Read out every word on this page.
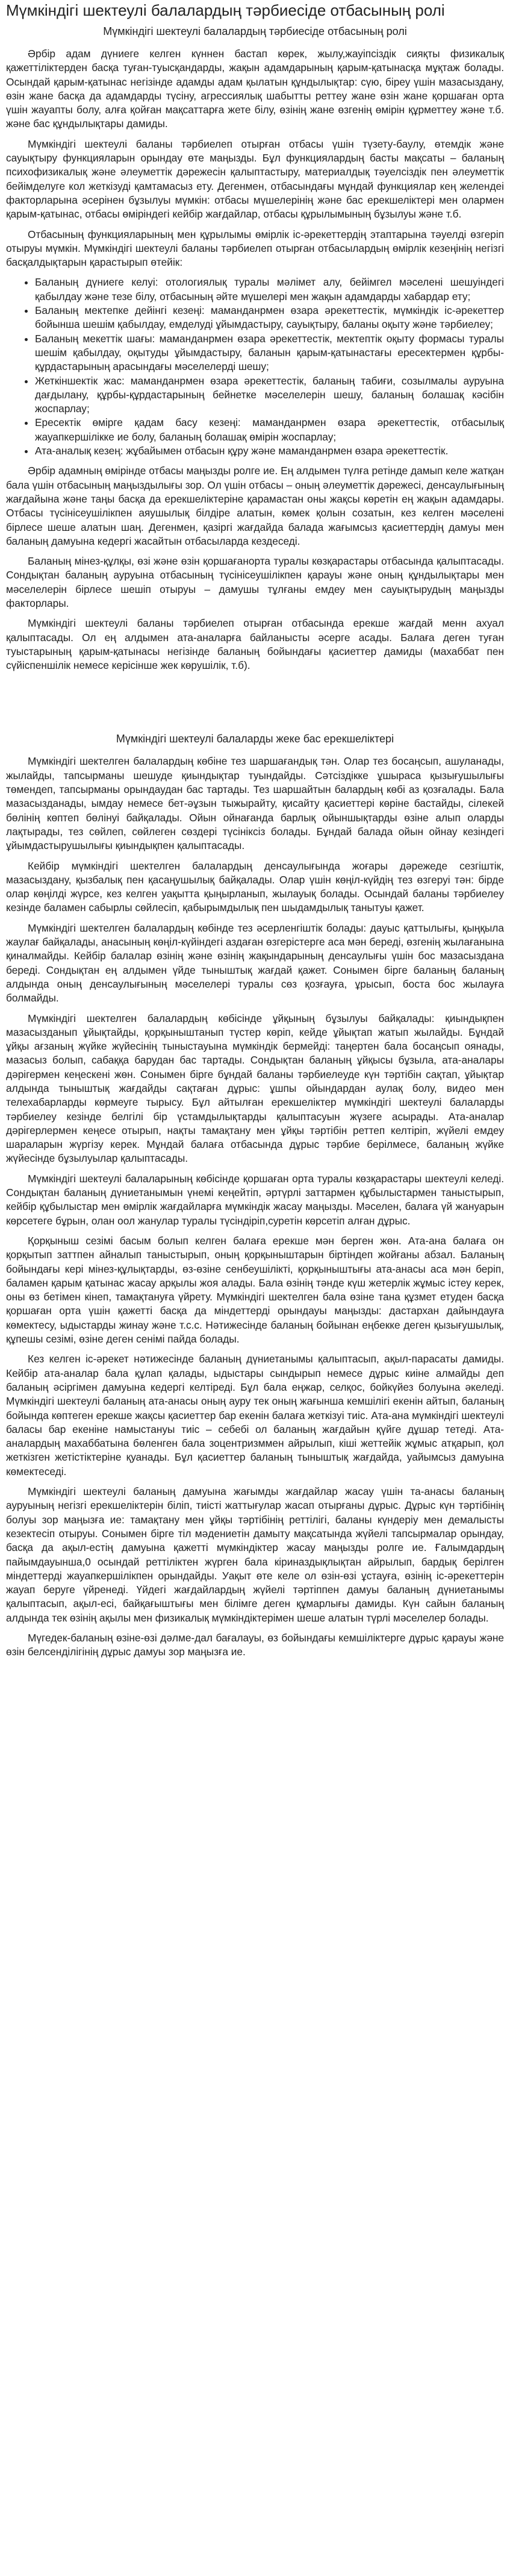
Мүмкіндігі шектеулі балалардың тәрбиесіде отбасының ролі
Мүмкіндігі шектеулі балалардың тәрбиесіде отбасының ролі

Әрбір адам дүниеге келген күннен бастап көрек, жылу,жауіпсіздік сияқты физикалық қажеттіліктерден басқа туған-туысқандарды, жақын адамдарының қарым-қатынасқа мұқтаж болады. Осындай қарым-қатынас негізінде адамды адам қылатын құндылықтар: сүю, біреу үшін мазасыздану, өзін жане басқа да адамдарды түсіну, агрессиялық шабытты реттеу жане өзін жане қоршаған орта үшін жауапты болу, алға қойған мақсаттарға жете білу, өзінің жане өзгенің өмірін құрметтеу және т.б. және бас құндылықтары дамиды.

Мүмкіндігі шектеулі баланы тәрбиелеп отырған отбасы үшін түзету-баулу, өтемдік және сауықтыру функцияларын орындау өте маңызды. Бұл функциялардың басты мақсаты – баланың психофизикалық және әлеуметтік дәрежесін қалыптастыру, материалдық тәуелсіздік пен әлеуметтік бейімделуге кол жеткізуді қамтамасыз ету. Дегенмен, отбасындағы мұндай функциялар кең желендеі факторларына әсерінен бұзылуы мүмкін: отбасы мүшелерінің және бас ерекшеліктері мен олармен қарым-қатынас, отбасы өміріндегі кейбір жағдайлар, отбасы құрылымының бұзылуы және т.б.

Отбасының функцияларының мен құрылымы өмірлік іс-әрекеттердің этаптарына тәуелді өзгеріп отыруы мүмкін. Мүмкіндігі шектеулі баланы тәрбиелеп отырған отбасылардың өмірлік кезеңінің негізгі басқалдықтарын қарастырып өтейік:

• Баланың дүниеге келуі: отологиялық туралы мәлімет алу, бейімгел мәселені шешуіндегі қабылдау және тезе білу, отбасының әйте мүшелері мен жақын адамдарды хабардар ету;
• Баланың мектепке дейінгі кезеңі: маманданрмен өзара әрекеттестік, мүмкіндік іс-әрекеттер бойынша шешім қабылдау, емделуді ұйымдастыру, сауықтыру, баланы оқыту және тәрбиелеу;
• Баланың мекеттік шағы: маманданрмен өзара әрекеттестік, мектептік оқыту формасы туралы шешім қабылдау, оқытуды ұйымдастыру, баланын қарым-қатынастағы ересектермен құрбы-құрдастарының арасындағы мәселелерді шешу;
• Жеткіншектік жас: маманданрмен өзара әрекеттестік, баланың табиғи, созылмалы ауруына дағдылану, құрбы-құрдастарының бейнетке мәселелерін шешу, баланың болашақ кәсібін жоспарлау;
• Ересектік өмірге қадам басу кезеңі: маманданрмен өзара әрекеттестік, отбасылық жауапкершілікке ие болу, баланың болашақ өмірін жоспарлау;
• Ата-аналық кезең: жұбайымен отбасын құру және маманданрмен өзара әрекеттестік.

Әрбір адамның өмірінде отбасы маңызды ролге ие. Ең алдымен түлға ретінде дамып келе жатқан бала үшін отбасының маңыздылығы зор. Ол үшін отбасы – оның әлеуметтік дәрежесі, денсаулығының жағдайына және таңы басқа да ерекшеліктеріне қарамастан оны жақсы көретін ең жақын адамдары. Отбасы түсінісеушілікпен аяушылық білдіре алатын, көмек қолын созатын, кез келген мәселені бірлесе шеше алатын шаң. Дегенмен, қазіргі жағдайда балада жағымсыз қасиеттердің дамуы мен баланың дамуына кедергі жасайтын отбасыларда кездеседі.

Баланың мінез-құлқы, өзі және өзін қоршағанорта туралы көзқарастары отбасында қалыптасады. Сондықтан баланың ауруына отбасының түсінісеушілікпен қарауы және оның құндылықтары мен мәселелерін бірлесе шешіп отыруы – дамушы тұлғаны емдеу мен сауықтырудың маңызды факторлары.

Мүмкіндігі шектеулі баланы тәрбиелеп отырған отбасында ерекше жағдай менн ахуал қалыптасады. Ол ең алдымен ата-аналарға байланысты әсерге асады. Балаға деген туған туыстарының қарым-қатынасы негізінде баланың бойындағы қасиеттер дамиды (махаббат пен сүйіспеншілік немесе керісінше жек көрушілік, т.б).

Мүмкіндігі шектеулі балаларды жеке бас ерекшеліктері

Мүмкіндігі шектелген балалардың көбіне тез шаршағандық тән. Олар тез босаңсып, ашуланады, жылайды, тапсырманы шешуде қиындықтар туындайды. Сәтсіздікке ұшыраса қызығушылығы төмендеп, тапсырманы орындаудан бас тартады. Тез шаршайтын балардың көбі аз қозғалады. Бала мазасызданады, ымдау немесе бет-əұзын тыжырайту, қисайту қасиеттері көріне бастайды, сілекей бөлінің көптеп бөлінуі байқалады. Ойын ойнағанда барлық ойыншықтарды өзіне алып оларды лақтырады, тез сөйлеп, сөйлеген сөздері түсініксіз болады. Бұндай балада ойын ойнау кезіндегі ұйымдастырушылығы қиындықпен қалыптасады.

Кейбір мүмкіндігі шектелген балалардың денсаулығында жоғары дәрежеде сезгіштік, мазасыздану, қызбалық пен қасаңушылық байқалады. Олар үшін көңіл-күйдің тез өзгеруі тән: бірде олар көңілді жүрсе, кез келген уақытта қыңырланып, жылауық болады. Осындай баланы тәрбиелеу кезінде баламен сабырлы сөйлесіп, қабырымдылық пен шыдамдылық танытуы қажет.

Мүмкіндігі шектелген балалардың көбінде тез әсерленгіштік болады: дауыс қаттылығы, қыңқыла жаулағ байқалады, анасының көңіл-күйіндегі аздаған өзгерістерге аса мән береді, өзгенің жылағанына қиналмайды. Кейбір балалар өзінің және өзінің жақындарының денсаулығы үшін бос мазасыздана береді. Сондықтан ең алдымен үйде тыныштық жағдай қажет. Сонымен бірге баланың баланың алдында оның денсаулығының мәселелері туралы сөз қозғауға, ұрысып, боста бос жылауға болмайды.

Мүмкіндігі шектелген балалардың көбісінде ұйқының бұзылуы байқалады: қиындықпен мазасызданып ұйықтайды, қорқыныштанып түстер көріп, кейде ұйықтап жатып жылайды. Бұндай ұйқы ағзаның жүйке жүйесінің тыныстауына мүмкіндік бермейді: таңертен бала босаңсып оянады, мазасыз болып, сабаққа барудан бас тартады. Сондықтан баланың ұйқысы бұзыла, ата-аналары дәрігермен кеңескені жөн. Сонымен бірге бұндай баланы тәрбиелеуде күн тәртібін сақтап, ұйықтар алдында тыныштық жағдайды сақтаған дұрыс: ұшпы ойындардан аулақ болу, видео мен телехабарларды көрмеуге тырысу. Бұл айтылған ерекшеліктер мүмкіндігі шектеулі балаларды тәрбиелеу кезінде белгілі бір үстамдылықтарды қалыптасуын жүзеге асырады. Ата-аналар дәрігерлермен кеңесе отырып, нақты тамақтану мен ұйқы тәртібін реттеп келтіріп, жүйелі емдеу шараларын жүргізу керек. Мұндай балаға отбасында дұрыс тәрбие берілмесе, баланың жүйке жүйесінде бұзылуылар қалыптасады.

Мүмкіндігі шектеулі балаларының көбісінде қоршаған орта туралы көзқарастары шектеулі келеді. Сондықтан баланың дүниетанымын үнемі кеңейтіп, әртүрлі заттармен құбылыстармен таныстырып, кейбір құбылыстар мен өмірлік жағдайларға мүмкіндік жасау маңызды. Мәселен, балаға үй жануарын көрсетеге бұрын, олан оол жанулар туралы түсіндіріп,суретін көрсетіп алған дұрыс.

Қорқыныш сезімі басым болып келген балаға ерекше мән берген жөн. Ата-ана балаға он қорқытып заттпен айналып таныстырып, оның қорқыныштарын біртіндеп жойғаны абзал. Баланың бойындағы кері мінез-құлықтарды, өз-өзіне сенбеушілікті, қорқыныштығы ата-анасы аса мән беріп, баламен қарым қатынас жасау арқылы жоя алады. Бала өзінің тәнде күш жетерлік жұмыс істеу керек, оны өз бетімен кінеп, тамақтануға үйрету. Мүмкіндігі шектелген бала өзіне тана құзмет етуден басқа қоршаған орта үшін қажетті басқа да міндеттерді орындауы маңызды: дастархан дайындауға көмектесу, ыдыстарды жинау және т.с.с. Нәтижесінде баланың бойынан еңбекке деген қызығушылық, құпешы сезімі, өзіне деген сенімі пайда болады.

Кез келген іс-әрекет нәтижесінде баланың дүниетанымы қалыптасып, ақыл-парасаты дамиды. Кейбір ата-аналар бала құлап қалады, ыдыстары сындырып немесе дұрыс киіне алмайды деп баланың әсіргімен дамуына кедергі келтіреді. Бұл бала еңжар, селқос, бойкүйез болуына әкеледі. Мүмкіндігі шектеулі баланың ата-анасы оның ауру тек оның жағынша кемшілігі екенін айтып, баланың бойында көптеген ерекше жақсы қасиеттер бар екенін балаға жеткізуі тиіс. Ата-ана мүмкіндігі шектеулі баласы бар екеніне намыстануы тиіс – себебі ол баланың жағдайын қүйге дұшар тетеді. Ата-аналардың махаббатына бөленген бала зоцентризммен айрылып, кіші жеттейік жұмыс атқарып, қол жеткізген жетістіктеріне қуанады. Бұл қасиеттер баланың тыныштық жағдайда, уайымсыз дамуына көмектеседі.

Мүмкіндігі шектеулі баланың дамуына жағымды жағдайлар жасау үшін та-анасы баланың ауруының негізгі ерекшеліктерін біліп, тиісті жаттығулар жасап отырғаны дұрыс. Дұрыс күн тәртібінің болуы зор маңызға ие: тамақтану мен ұйқы тәртібінің реттілігі, баланы күндеріу мен демалысты кезектесіп отыруы. Сонымен бірге тіл мәдениетін дамыту мақсатында жүйелі тапсырмалар орындау, басқа да ақыл-естің дамуына қажетті мүмкіндіктер жасау маңызды ролге ие. Ғалымдардың пайымдауынша,0 осындай реттіліктен жүрген бала кіриназдықлықтан айрылып, бардық берілген міндеттерді жауапкершілікпен орындайды. Уақыт өте келе ол өзін-өзі ұстауға, өзінің іс-әрекеттерін жауап беруге үйренеді. Үйдегі жағдайлардың жүйелі тәртіппен дамуы баланың дүниетанымы қалыптасып, ақыл-есі, байқағыштығы мен білімге деген құмарлығы дамиды. Күн сайын баланың алдында тек өзінің ақылы мен физикалық мүмкіндіктерімен шеше алатын түрлі мәселелер болады.

Мүгедек-баланың өзіне-өзі дәлме-дал бағалауы, өз бойындағы кемшіліктерге дұрыс қарауы және өзін белсенділігінің дұрыс дамуы зор маңызға ие.
